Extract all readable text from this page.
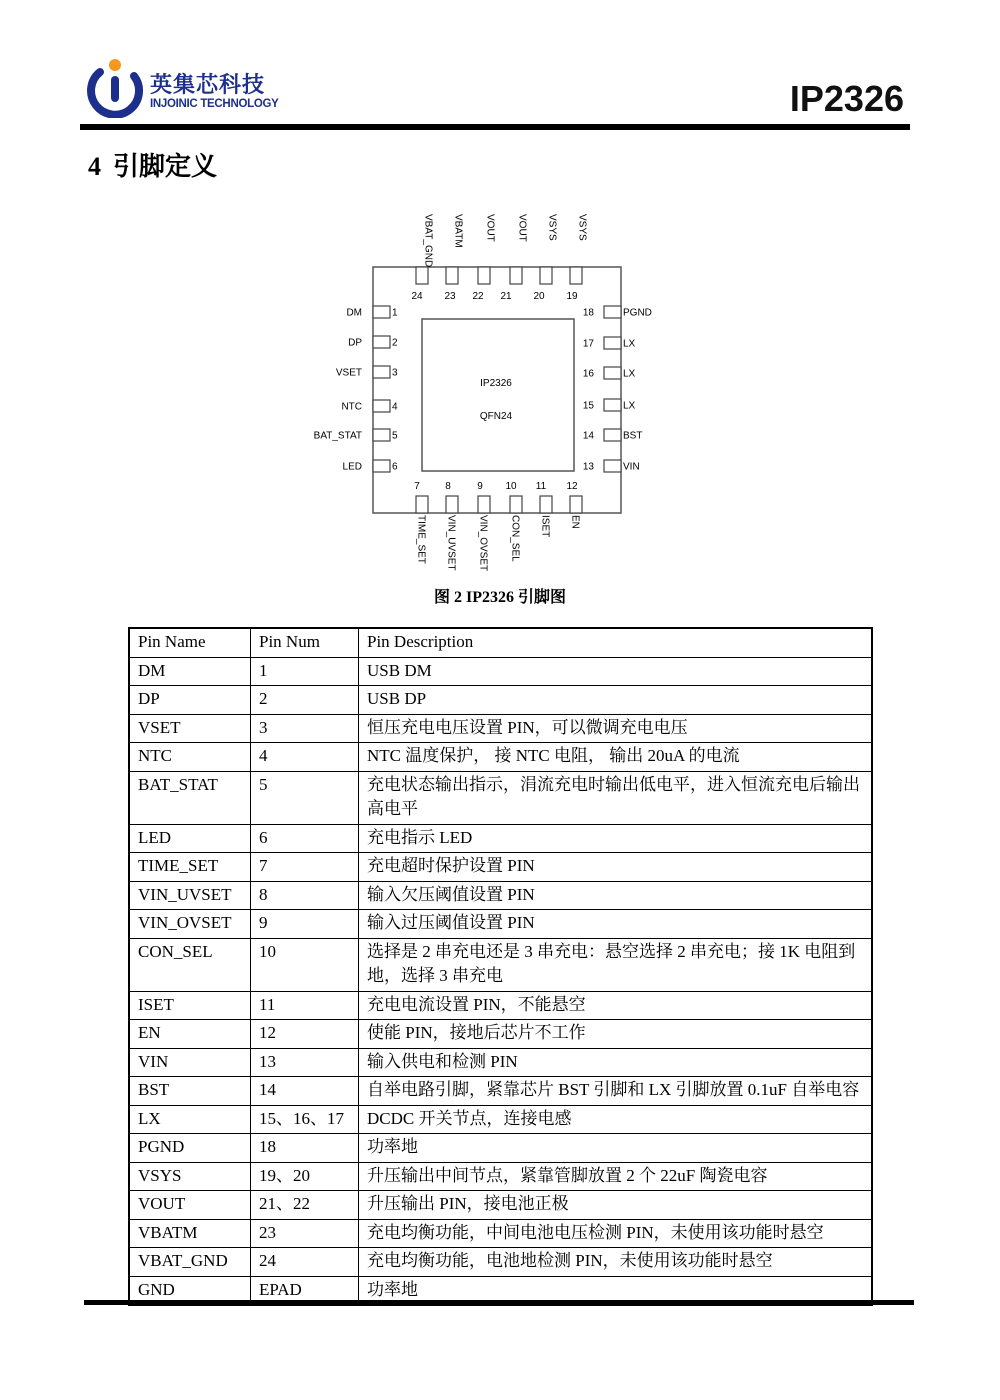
英集芯科技
INJOINIC TECHNOLOGY	IP2326
4 引脚定义
IP2326
QFN24
DM	1
DP	2
VSET	3
NTC	4
BAT_STAT	5
LED	6	VIN
13
BST
14
LX
15
LX
16
LX
17
PGND
18
19
VSYS
20
VSYS
21
VOUT
22
VOUT
23
VBATM
24
VBAT_GND
7
TIME_SET
8
VIN_UVSET
9
VIN_OVSET
10
CON_SEL
11
ISET
12
EN
图 2 IP2326 引脚图
Pin Name	Pin Num	Pin Description
DM	1	USB DM
DP	2	USB DP
VSET	3	恒压充电电压设置 PIN，可以微调充电电压
NTC	4	NTC 温度保护， 接 NTC 电阻， 输出 20uA 的电流
BAT_STAT	5	充电状态输出指示，涓流充电时输出低电平，进入恒流充电后输出高电平
LED	6	充电指示 LED
TIME_SET	7	充电超时保护设置 PIN
VIN_UVSET	8	输入欠压阈值设置 PIN
VIN_OVSET	9	输入过压阈值设置 PIN
CON_SEL	10	选择是 2 串充电还是 3 串充电：悬空选择 2 串充电；接 1K 电阻到地，选择 3 串充电
ISET	11	充电电流设置 PIN，不能悬空
EN	12	使能 PIN，接地后芯片不工作
VIN	13	输入供电和检测 PIN
BST	14	自举电路引脚，紧靠芯片 BST 引脚和 LX 引脚放置 0.1uF 自举电容
LX	15、16、17	DCDC 开关节点，连接电感
PGND	18	功率地
VSYS	19、20	升压输出中间节点，紧靠管脚放置 2 个 22uF 陶瓷电容
VOUT	21、22	升压输出 PIN，接电池正极
VBATM	23	充电均衡功能，中间电池电压检测 PIN，未使用该功能时悬空
VBAT_GND	24	充电均衡功能，电池地检测 PIN，未使用该功能时悬空
GND	EPAD	功率地
